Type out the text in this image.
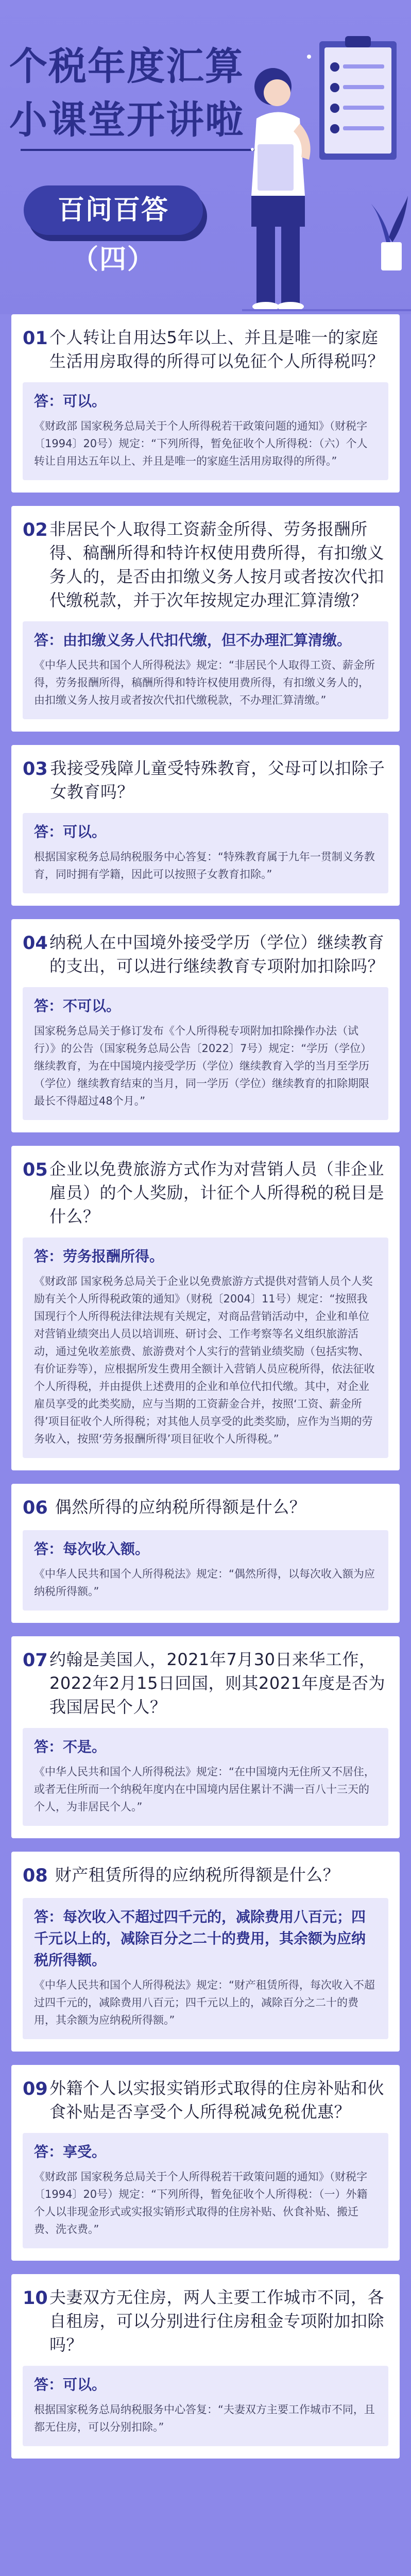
个税年度汇算
小课堂开讲啦
百问百答（四）
01 个人转让自用达5年以上、并且是唯一的家庭生活用房取得的所得可以免征个人所得税吗？
答：可以。
《财政部 国家税务总局关于个人所得税若干政策问题的通知》（财税字〔1994〕20号）规定：“下列所得，暂免征收个人所得税：（六）个人转让自用达五年以上、并且是唯一的家庭生活用房取得的所得。”
02 非居民个人取得工资薪金所得、劳务报酬所得、稿酬所得和特许权使用费所得，有扣缴义务人的，是否由扣缴义务人按月或者按次代扣代缴税款，并于次年按规定办理汇算清缴？
答：由扣缴义务人代扣代缴，但不办理汇算清缴。
《中华人民共和国个人所得税法》规定：“非居民个人取得工资、薪金所得，劳务报酬所得，稿酬所得和特许权使用费所得，有扣缴义务人的，由扣缴义务人按月或者按次代扣代缴税款，不办理汇算清缴。”
03 我接受残障儿童受特殊教育，父母可以扣除子女教育吗？
答：可以。
根据国家税务总局纳税服务中心答复：“特殊教育属于九年一贯制义务教育，同时拥有学籍，因此可以按照子女教育扣除。”
04 纳税人在中国境外接受学历（学位）继续教育的支出，可以进行继续教育专项附加扣除吗？
答：不可以。
国家税务总局关于修订发布《个人所得税专项附加扣除操作办法（试行）》的公告（国家税务总局公告〔2022〕7号）规定：“学历（学位）继续教育，为在中国境内接受学历（学位）继续教育入学的当月至学历（学位）继续教育结束的当月，同一学历（学位）继续教育的扣除期限最长不得超过48个月。”
05 企业以免费旅游方式作为对营销人员（非企业雇员）的个人奖励，计征个人所得税的税目是什么？
答：劳务报酬所得。
《财政部 国家税务总局关于企业以免费旅游方式提供对营销人员个人奖励有关个人所得税政策的通知》（财税〔2004〕11号）规定：“按照我国现行个人所得税法律法规有关规定，对商品营销活动中，企业和单位对营销业绩突出人员以培训班、研讨会、工作考察等名义组织旅游活动，通过免收差旅费、旅游费对个人实行的营销业绩奖励（包括实物、有价证券等），应根据所发生费用全额计入营销人员应税所得，依法征收个人所得税，并由提供上述费用的企业和单位代扣代缴。其中，对企业雇员享受的此类奖励，应与当期的工资薪金合并，按照‘工资、薪金所得’项目征收个人所得税；对其他人员享受的此类奖励，应作为当期的劳务收入，按照‘劳务报酬所得’项目征收个人所得税。”
06 偶然所得的应纳税所得额是什么？
答：每次收入额。
《中华人民共和国个人所得税法》规定：“偶然所得，以每次收入额为应纳税所得额。”
07 约翰是美国人，2021年7月30日来华工作，2022年2月15日回国，则其2021年度是否为我国居民个人？
答：不是。
《中华人民共和国个人所得税法》规定：“在中国境内无住所又不居住，或者无住所而一个纳税年度内在中国境内居住累计不满一百八十三天的个人，为非居民个人。”
08 财产租赁所得的应纳税所得额是什么？
答：每次收入不超过四千元的，减除费用八百元；四千元以上的，减除百分之二十的费用，其余额为应纳税所得额。
《中华人民共和国个人所得税法》规定：“财产租赁所得，每次收入不超过四千元的，减除费用八百元；四千元以上的，减除百分之二十的费用，其余额为应纳税所得额。”
09 外籍个人以实报实销形式取得的住房补贴和伙食补贴是否享受个人所得税减免税优惠？
答：享受。
《财政部 国家税务总局关于个人所得税若干政策问题的通知》（财税字〔1994〕20号）规定：“下列所得，暂免征收个人所得税：（一）外籍个人以非现金形式或实报实销形式取得的住房补贴、伙食补贴、搬迁费、洗衣费。”
10 夫妻双方无住房，两人主要工作城市不同，各自租房，可以分别进行住房租金专项附加扣除吗？
答：可以。
根据国家税务总局纳税服务中心答复：“夫妻双方主要工作城市不同，且都无住房，可以分别扣除。”
